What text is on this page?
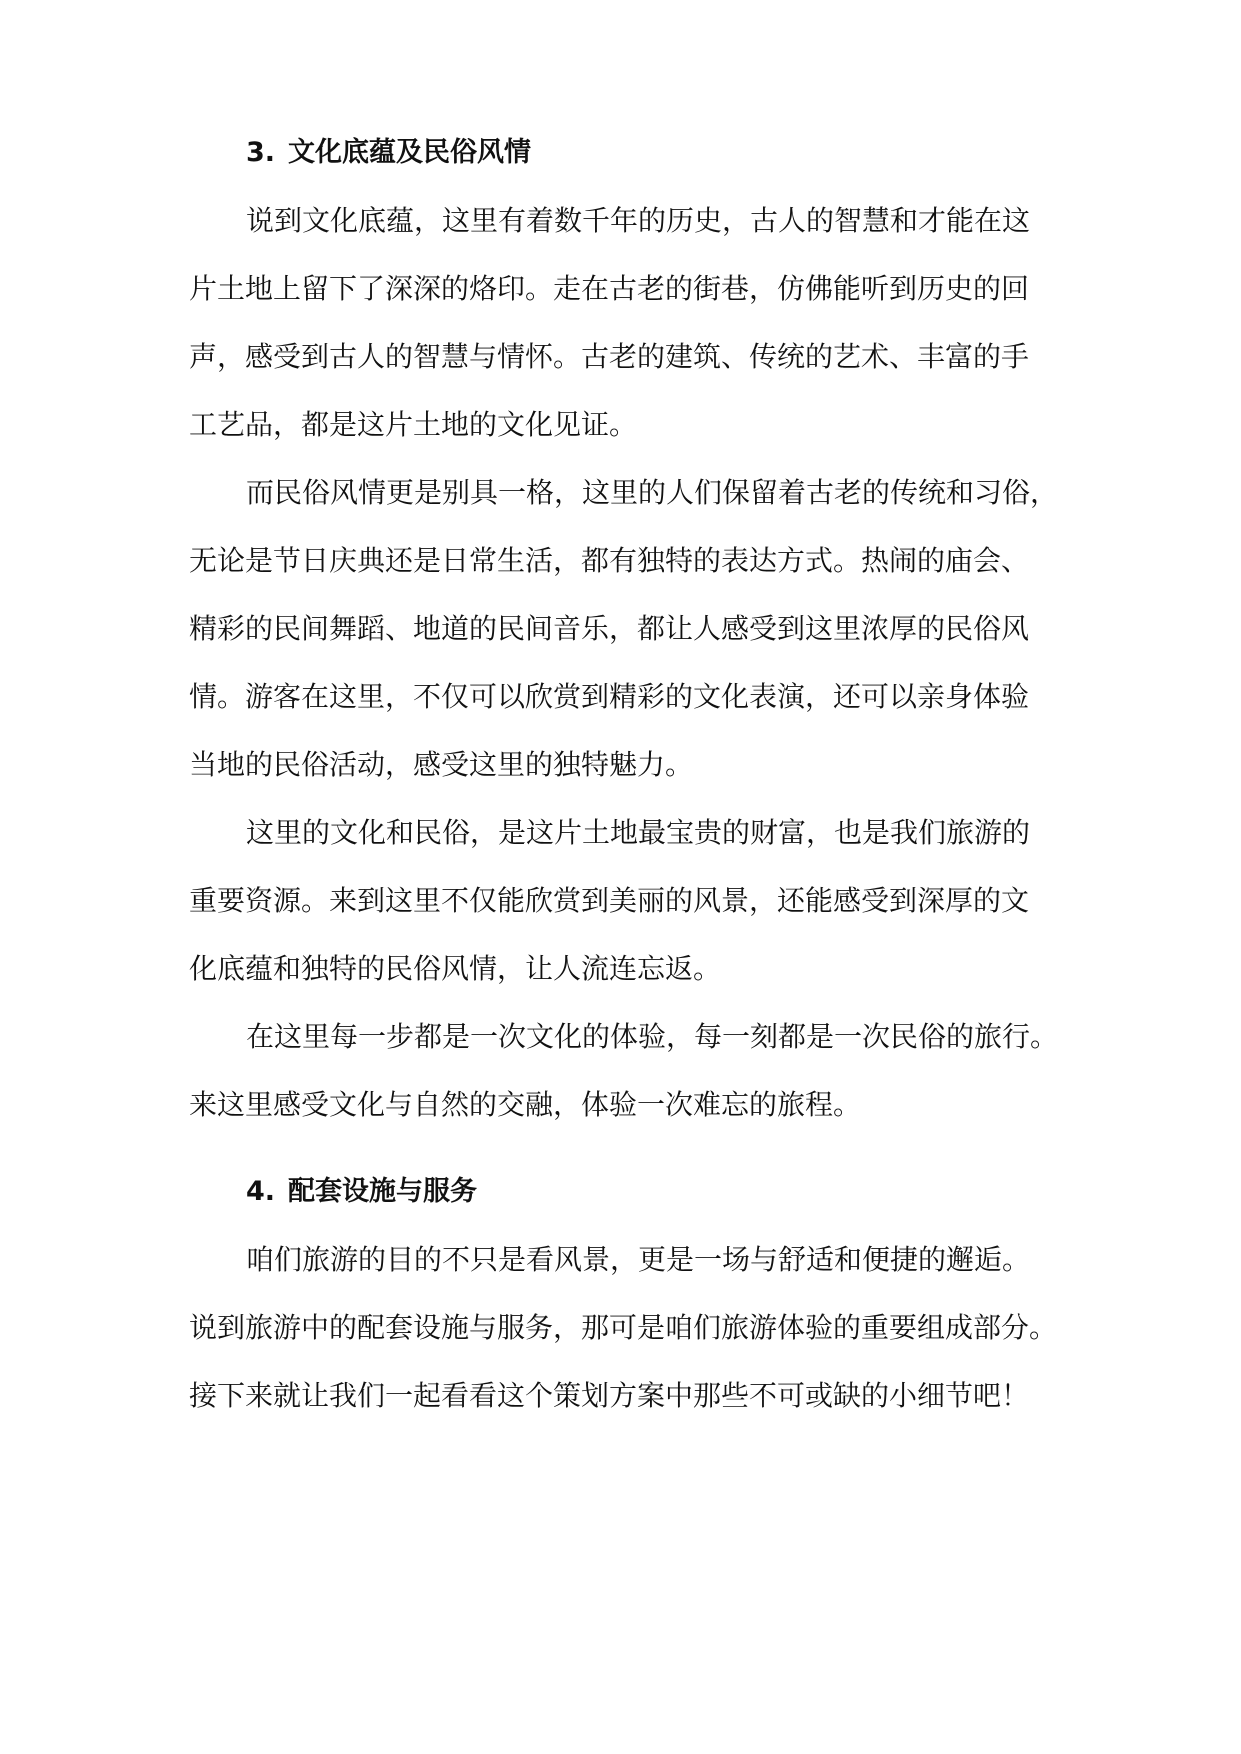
3. 文化底蕴及民俗风情
说到文化底蕴，这里有着数千年的历史，古人的智慧和才能在这
片土地上留下了深深的烙印。走在古老的街巷，仿佛能听到历史的回
声，感受到古人的智慧与情怀。古老的建筑、传统的艺术、丰富的手
工艺品，都是这片土地的文化见证。
而民俗风情更是别具一格，这里的人们保留着古老的传统和习俗，
无论是节日庆典还是日常生活，都有独特的表达方式。热闹的庙会、
精彩的民间舞蹈、地道的民间音乐，都让人感受到这里浓厚的民俗风
情。游客在这里，不仅可以欣赏到精彩的文化表演，还可以亲身体验
当地的民俗活动，感受这里的独特魅力。
这里的文化和民俗，是这片土地最宝贵的财富，也是我们旅游的
重要资源。来到这里不仅能欣赏到美丽的风景，还能感受到深厚的文
化底蕴和独特的民俗风情，让人流连忘返。
在这里每一步都是一次文化的体验，每一刻都是一次民俗的旅行。
来这里感受文化与自然的交融，体验一次难忘的旅程。
4. 配套设施与服务
咱们旅游的目的不只是看风景，更是一场与舒适和便捷的邂逅。
说到旅游中的配套设施与服务，那可是咱们旅游体验的重要组成部分。
接下来就让我们一起看看这个策划方案中那些不可或缺的小细节吧！
